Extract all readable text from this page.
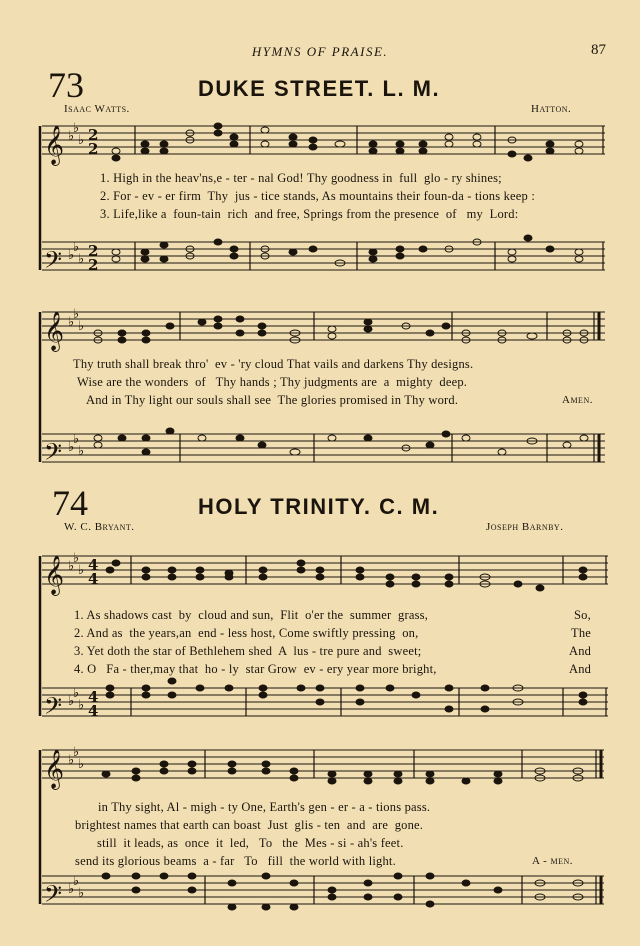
HYMNS OF PRAISE.	87
73	DUKE STREET. L. M.
Isaac Watts.	Hatton.
𝄞
𝄢
♭
♭
♭
♭
♭
♭
2
2
2
2
1. High in the heav'ns,e - ter - nal God! Thy goodness in  full  glo - ry shines;
2. For - ev - er firm  Thy  jus - tice stands, As mountains their foun-da - tions keep :
3. Life,like a  foun-tain  rich  and free, Springs from the presence  of   my  Lord:
𝄞
𝄢
♭
♭
♭
♭
♭
♭
Thy truth shall break thro'  ev - 'ry cloud That vails and darkens Thy designs.
Wise are the wonders  of   Thy hands ; Thy judgments are  a  mighty  deep.
And in Thy light our souls shall see  The glories promised in Thy word.	Amen.
74	HOLY TRINITY. C. M.
W. C. Bryant.	Joseph Barnby.
𝄞
𝄢
♭
♭
♭
♭
♭
♭
4
4
4
4
1. As shadows cast  by  cloud and sun,  Flit  o'er the  summer  grass,
2. And as  the years,an  end - less host, Come swiftly pressing  on,
3. Yet doth the star of Bethlehem shed  A  lus - tre pure and  sweet;
4. O   Fa - ther,may that  ho - ly  star Grow  ev - ery year more bright,
So,
The
And
And
𝄞
𝄢
♭
♭
♭
♭
♭
♭
in Thy sight, Al - migh - ty One, Earth's gen - er - a - tions pass.
brightest names that earth can boast  Just  glis - ten  and  are  gone.
still  it leads, as  once  it  led,   To   the  Mes - si - ah's feet.
send its glorious beams  a - far   To   fill  the world with light.	A - men.
